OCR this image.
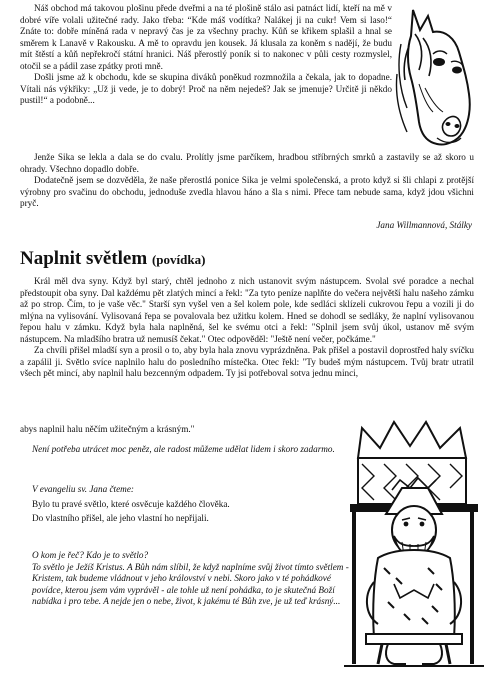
Náš obchod má takovou plošinu přede dveřmi a na té plošině stálo asi patnáct lidí, kteří na mě v dobré víře volali užitečné rady. Jako třeba: “Kde máš vodítka? Nalákej ji na cukr! Vem si laso!“ Znáte to: dobře míněná rada v nepravý čas je za všechny prachy. Kůň se křikem splašil a hnal se směrem k Lanavě v Rakousku. A mě to opravdu jen kousek. Já klusala za koněm s nadějí, že budu mít štěstí a kůň nepřekročí státní hranici. Náš přerostlý poník si to nakonec v půli cesty rozmyslel, otočil se a pádil zase zpátky proti mně.

Došli jsme až k obchodu, kde se skupina diváků poněkud rozmnožila a čekala, jak to dopadne. Vítali nás výkřiky: „Už ji vede, je to dobrý! Proč na něm nejedeš? Jak se jmenuje? Určitě ji někdo pustil!“ a podobně...

Jenže Sika se lekla a dala se do cvalu. Prolítly jsme parčíkem, hradbou stříbrných smrků a zastavily se až skoro u ohrady. Všechno dopadlo dobře.

Dodatečně jsem se dozvěděla, že naše přerostlá ponice Sika je velmi společenská, a proto když si šli chlapi z protější výrobny pro svačinu do obchodu, jednoduše zvedla hlavou háno a šla s nimi. Přece tam nebude sama, když jdou všichni pryč.

Jana Willmannová, Stálky
Naplnit světlem (povídka)

Král měl dva syny. Když byl starý, chtěl jednoho z nich ustanovit svým nástupcem. Svolal své poradce a nechal předstoupit oba syny. Dal každému pět zlatých mincí a řekl: "Za tyto peníze naplňte do večera největší halu našeho zámku až po strop. Čím, to je vaše věc." Starší syn vyšel ven a šel kolem pole, kde sedláci sklízeli cukrovou řepu a vozili ji do mlýna na vylisování. Vylisovaná řepa se povalovala bez užitku kolem. Hned se dohodl se sedláky, že naplní vylisovanou řepou halu v zámku. Když byla hala naplněná, šel ke svému otci a řekl: "Splnil jsem svůj úkol, ustanov mě svým nástupcem. Na mladšího bratra už nemusíš čekat." Otec odpověděl: "Ještě není večer, počkáme."

Za chvíli přišel mladší syn a prosil o to, aby byla hala znovu vyprázdněna. Pak přišel a postavil doprostřed haly svíčku a zapálil ji. Světlo svíce naplnilo halu do posledního místečka. Otec řekl: "Ty budeš mým nástupcem. Tvůj bratr utratil všech pět mincí, aby naplnil halu bezcenným odpadem. Ty jsi potřeboval sotva jednu minci,

abys naplnil halu něčím užitečným a krásným."

Není potřeba utrácet moc peněz, ale radost můžeme udělat lidem i skoro zadarmo.

V evangeliu sv. Jana čteme:

Bylo tu pravé světlo, které osvěcuje každého člověka.

Do vlastního přišel, ale jeho vlastní ho nepřijali.

O kom je řeč? Kdo je to světlo?

To světlo je Ježíš Kristus. A Bůh nám slíbil, že když naplníme svůj život tímto světlem - Kristem, tak budeme vládnout v jeho království v nebi. Skoro jako v té pohádkové povídce, kterou jsem vám vyprávěl - ale tohle už není pohádka, to je skutečná Boží nabídka i pro tebe. A nejde jen o nebe, život, k jakému té Bůh zve, je už teď krásný...
